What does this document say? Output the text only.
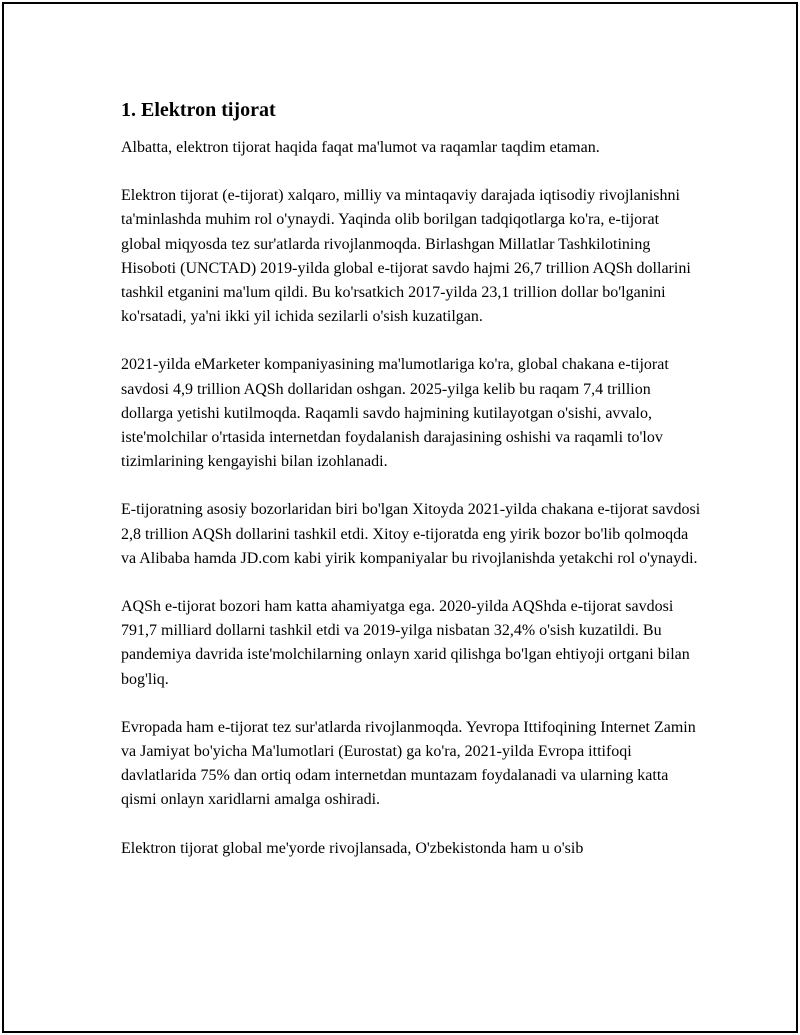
1. Elektron tijorat

Albatta, elektron tijorat haqida faqat ma'lumot va raqamlar taqdim etaman.

Elektron tijorat (e-tijorat) xalqaro, milliy va mintaqaviy darajada iqtisodiy rivojlanishni ta'minlashda muhim rol o'ynaydi. Yaqinda olib borilgan tadqiqotlarga ko'ra, e-tijorat global miqyosda tez sur'atlarda rivojlanmoqda. Birlashgan Millatlar Tashkilotining Hisoboti (UNCTAD) 2019-yilda global e-tijorat savdo hajmi 26,7 trillion AQSh dollarini tashkil etganini ma'lum qildi. Bu ko'rsatkich 2017-yilda 23,1 trillion dollar bo'lganini ko'rsatadi, ya'ni ikki yil ichida sezilarli o'sish kuzatilgan.

2021-yilda eMarketer kompaniyasining ma'lumotlariga ko'ra, global chakana e-tijorat savdosi 4,9 trillion AQSh dollaridan oshgan. 2025-yilga kelib bu raqam 7,4 trillion dollarga yetishi kutilmoqda. Raqamli savdo hajmining kutilayotgan o'sishi, avvalo, iste'molchilar o'rtasida internetdan foydalanish darajasining oshishi va raqamli to'lov tizimlarining kengayishi bilan izohlanadi.

E-tijoratning asosiy bozorlaridan biri bo'lgan Xitoyda 2021-yilda chakana e-tijorat savdosi 2,8 trillion AQSh dollarini tashkil etdi. Xitoy e-tijoratda eng yirik bozor bo'lib qolmoqda va Alibaba hamda JD.com kabi yirik kompaniyalar bu rivojlanishda yetakchi rol o'ynaydi.

AQSh e-tijorat bozori ham katta ahamiyatga ega. 2020-yilda AQShda e-tijorat savdosi 791,7 milliard dollarni tashkil etdi va 2019-yilga nisbatan 32,4% o'sish kuzatildi. Bu pandemiya davrida iste'molchilarning onlayn xarid qilishga bo'lgan ehtiyoji ortgani bilan bog'liq.

Evropada ham e-tijorat tez sur'atlarda rivojlanmoqda. Yevropa Ittifoqining Internet Zamin va Jamiyat bo'yicha Ma'lumotlari (Eurostat) ga ko'ra, 2021-yilda Evropa ittifoqi davlatlarida 75% dan ortiq odam internetdan muntazam foydalanadi va ularning katta qismi onlayn xaridlarni amalga oshiradi.

Elektron tijorat global me'yorde rivojlansada, O'zbekistonda ham u o'sib
